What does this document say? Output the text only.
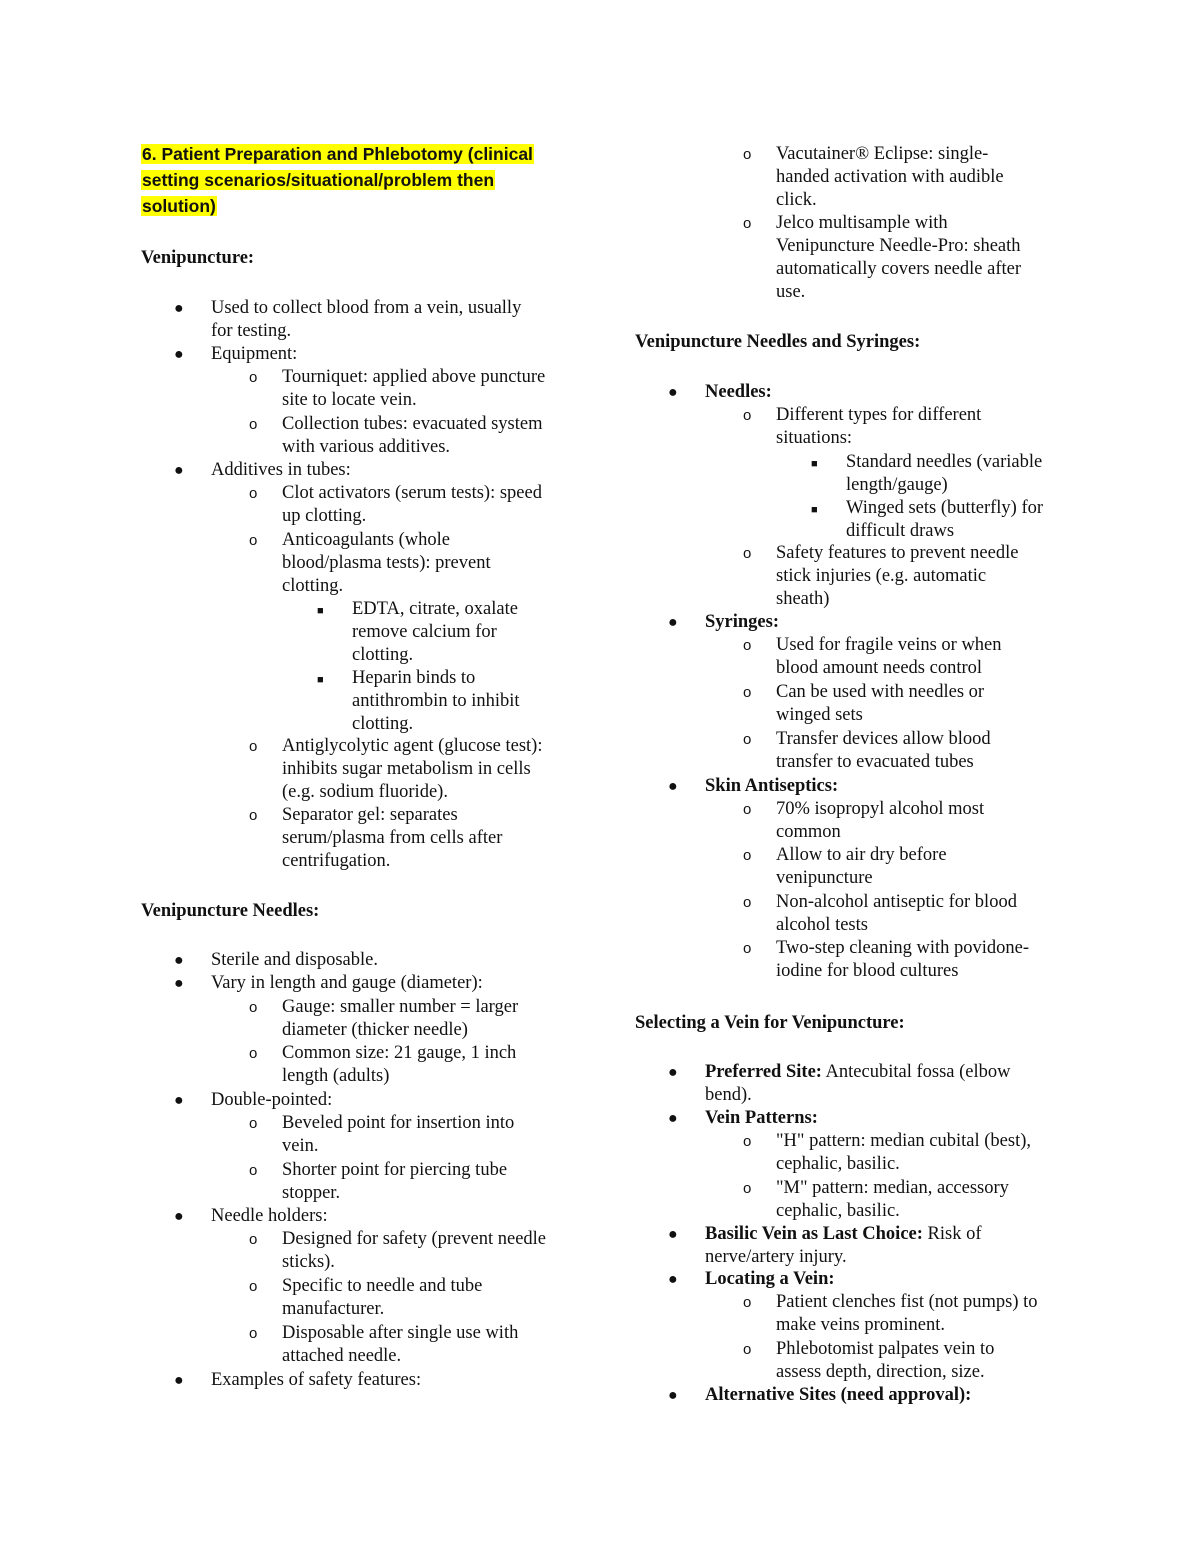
6. Patient Preparation and Phlebotomy (clinical
setting scenarios/situational/problem then
solution)
Venipuncture:
● Used to collect blood from a vein, usually
for testing.
● Equipment:
o Tourniquet: applied above puncture
site to locate vein.
o Collection tubes: evacuated system
with various additives.
● Additives in tubes:
o Clot activators (serum tests): speed
up clotting.
o Anticoagulants (whole
blood/plasma tests): prevent
clotting.
■ EDTA, citrate, oxalate
remove calcium for
clotting.
■ Heparin binds to
antithrombin to inhibit
clotting.
o Antiglycolytic agent (glucose test):
inhibits sugar metabolism in cells
(e.g. sodium fluoride).
o Separator gel: separates
serum/plasma from cells after
centrifugation.
Venipuncture Needles:
● Sterile and disposable.
● Vary in length and gauge (diameter):
o Gauge: smaller number = larger
diameter (thicker needle)
o Common size: 21 gauge, 1 inch
length (adults)
● Double-pointed:
o Beveled point for insertion into
vein.
o Shorter point for piercing tube
stopper.
● Needle holders:
o Designed for safety (prevent needle
sticks).
o Specific to needle and tube
manufacturer.
o Disposable after single use with
attached needle.
● Examples of safety features:
o Vacutainer® Eclipse: single-
handed activation with audible
click.
o Jelco multisample with
Venipuncture Needle-Pro: sheath
automatically covers needle after
use.
Venipuncture Needles and Syringes:
● Needles:
o Different types for different
situations:
■ Standard needles (variable
length/gauge)
■ Winged sets (butterfly) for
difficult draws
o Safety features to prevent needle
stick injuries (e.g. automatic
sheath)
● Syringes:
o Used for fragile veins or when
blood amount needs control
o Can be used with needles or
winged sets
o Transfer devices allow blood
transfer to evacuated tubes
● Skin Antiseptics:
o 70% isopropyl alcohol most
common
o Allow to air dry before
venipuncture
o Non-alcohol antiseptic for blood
alcohol tests
o Two-step cleaning with povidone-
iodine for blood cultures
Selecting a Vein for Venipuncture:
● Preferred Site: Antecubital fossa (elbow
bend).
● Vein Patterns:
o "H" pattern: median cubital (best),
cephalic, basilic.
o "M" pattern: median, accessory
cephalic, basilic.
● Basilic Vein as Last Choice: Risk of
nerve/artery injury.
● Locating a Vein:
o Patient clenches fist (not pumps) to
make veins prominent.
o Phlebotomist palpates vein to
assess depth, direction, size.
● Alternative Sites (need approval):
